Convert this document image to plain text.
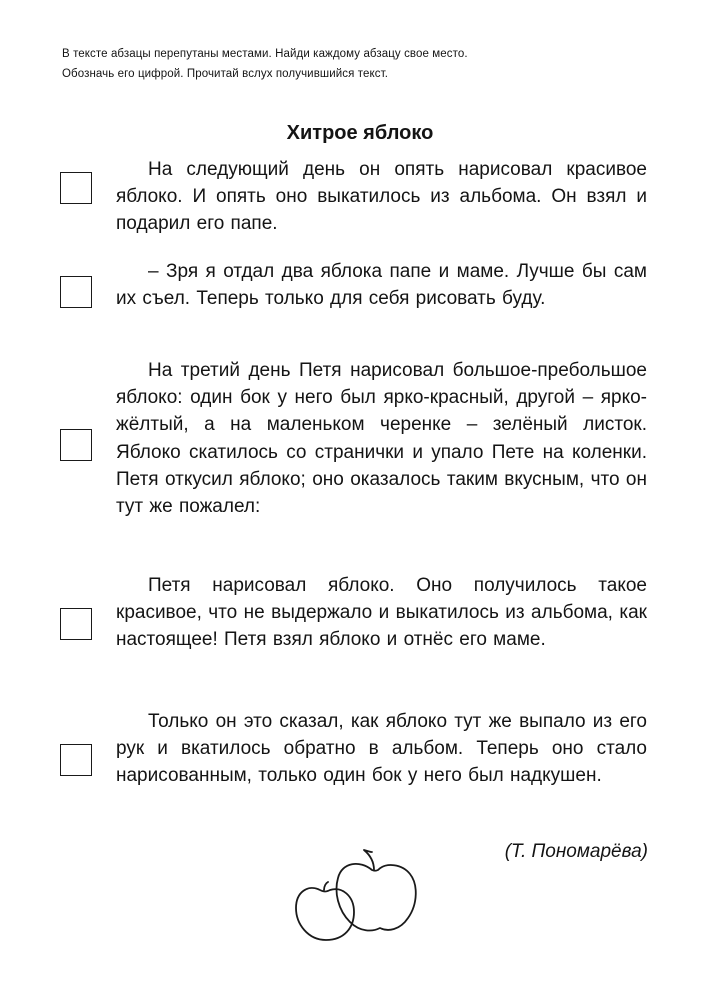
В тексте абзацы перепутаны местами. Найди каждому абзацу свое место.

Обозначь его цифрой. Прочитай вслух получившийся текст.

Хитрое яблоко

На следующий день он опять нарисовал красивое яблоко. И опять оно выкатилось из альбома. Он взял и подарил его папе.

– Зря я отдал два яблока папе и маме. Лучше бы сам их съел. Теперь только для себя рисовать буду.

На третий день Петя нарисовал большое-пребольшое яблоко: один бок у него был ярко-красный, другой – ярко-жёлтый, а на маленьком черенке – зелёный листок. Яблоко скатилось со странички и упало Пете на коленки. Петя откусил яблоко; оно оказалось таким вкусным, что он тут же пожалел:

Петя нарисовал яблоко. Оно получилось такое красивое, что не выдержало и выкатилось из альбома, как настоящее! Петя взял яблоко и отнёс его маме.

Только он это сказал, как яблоко тут же выпало из его рук и вкатилось обратно в альбом. Теперь оно стало нарисованным, только один бок у него был надкушен.

(Т. Пономарёва)
